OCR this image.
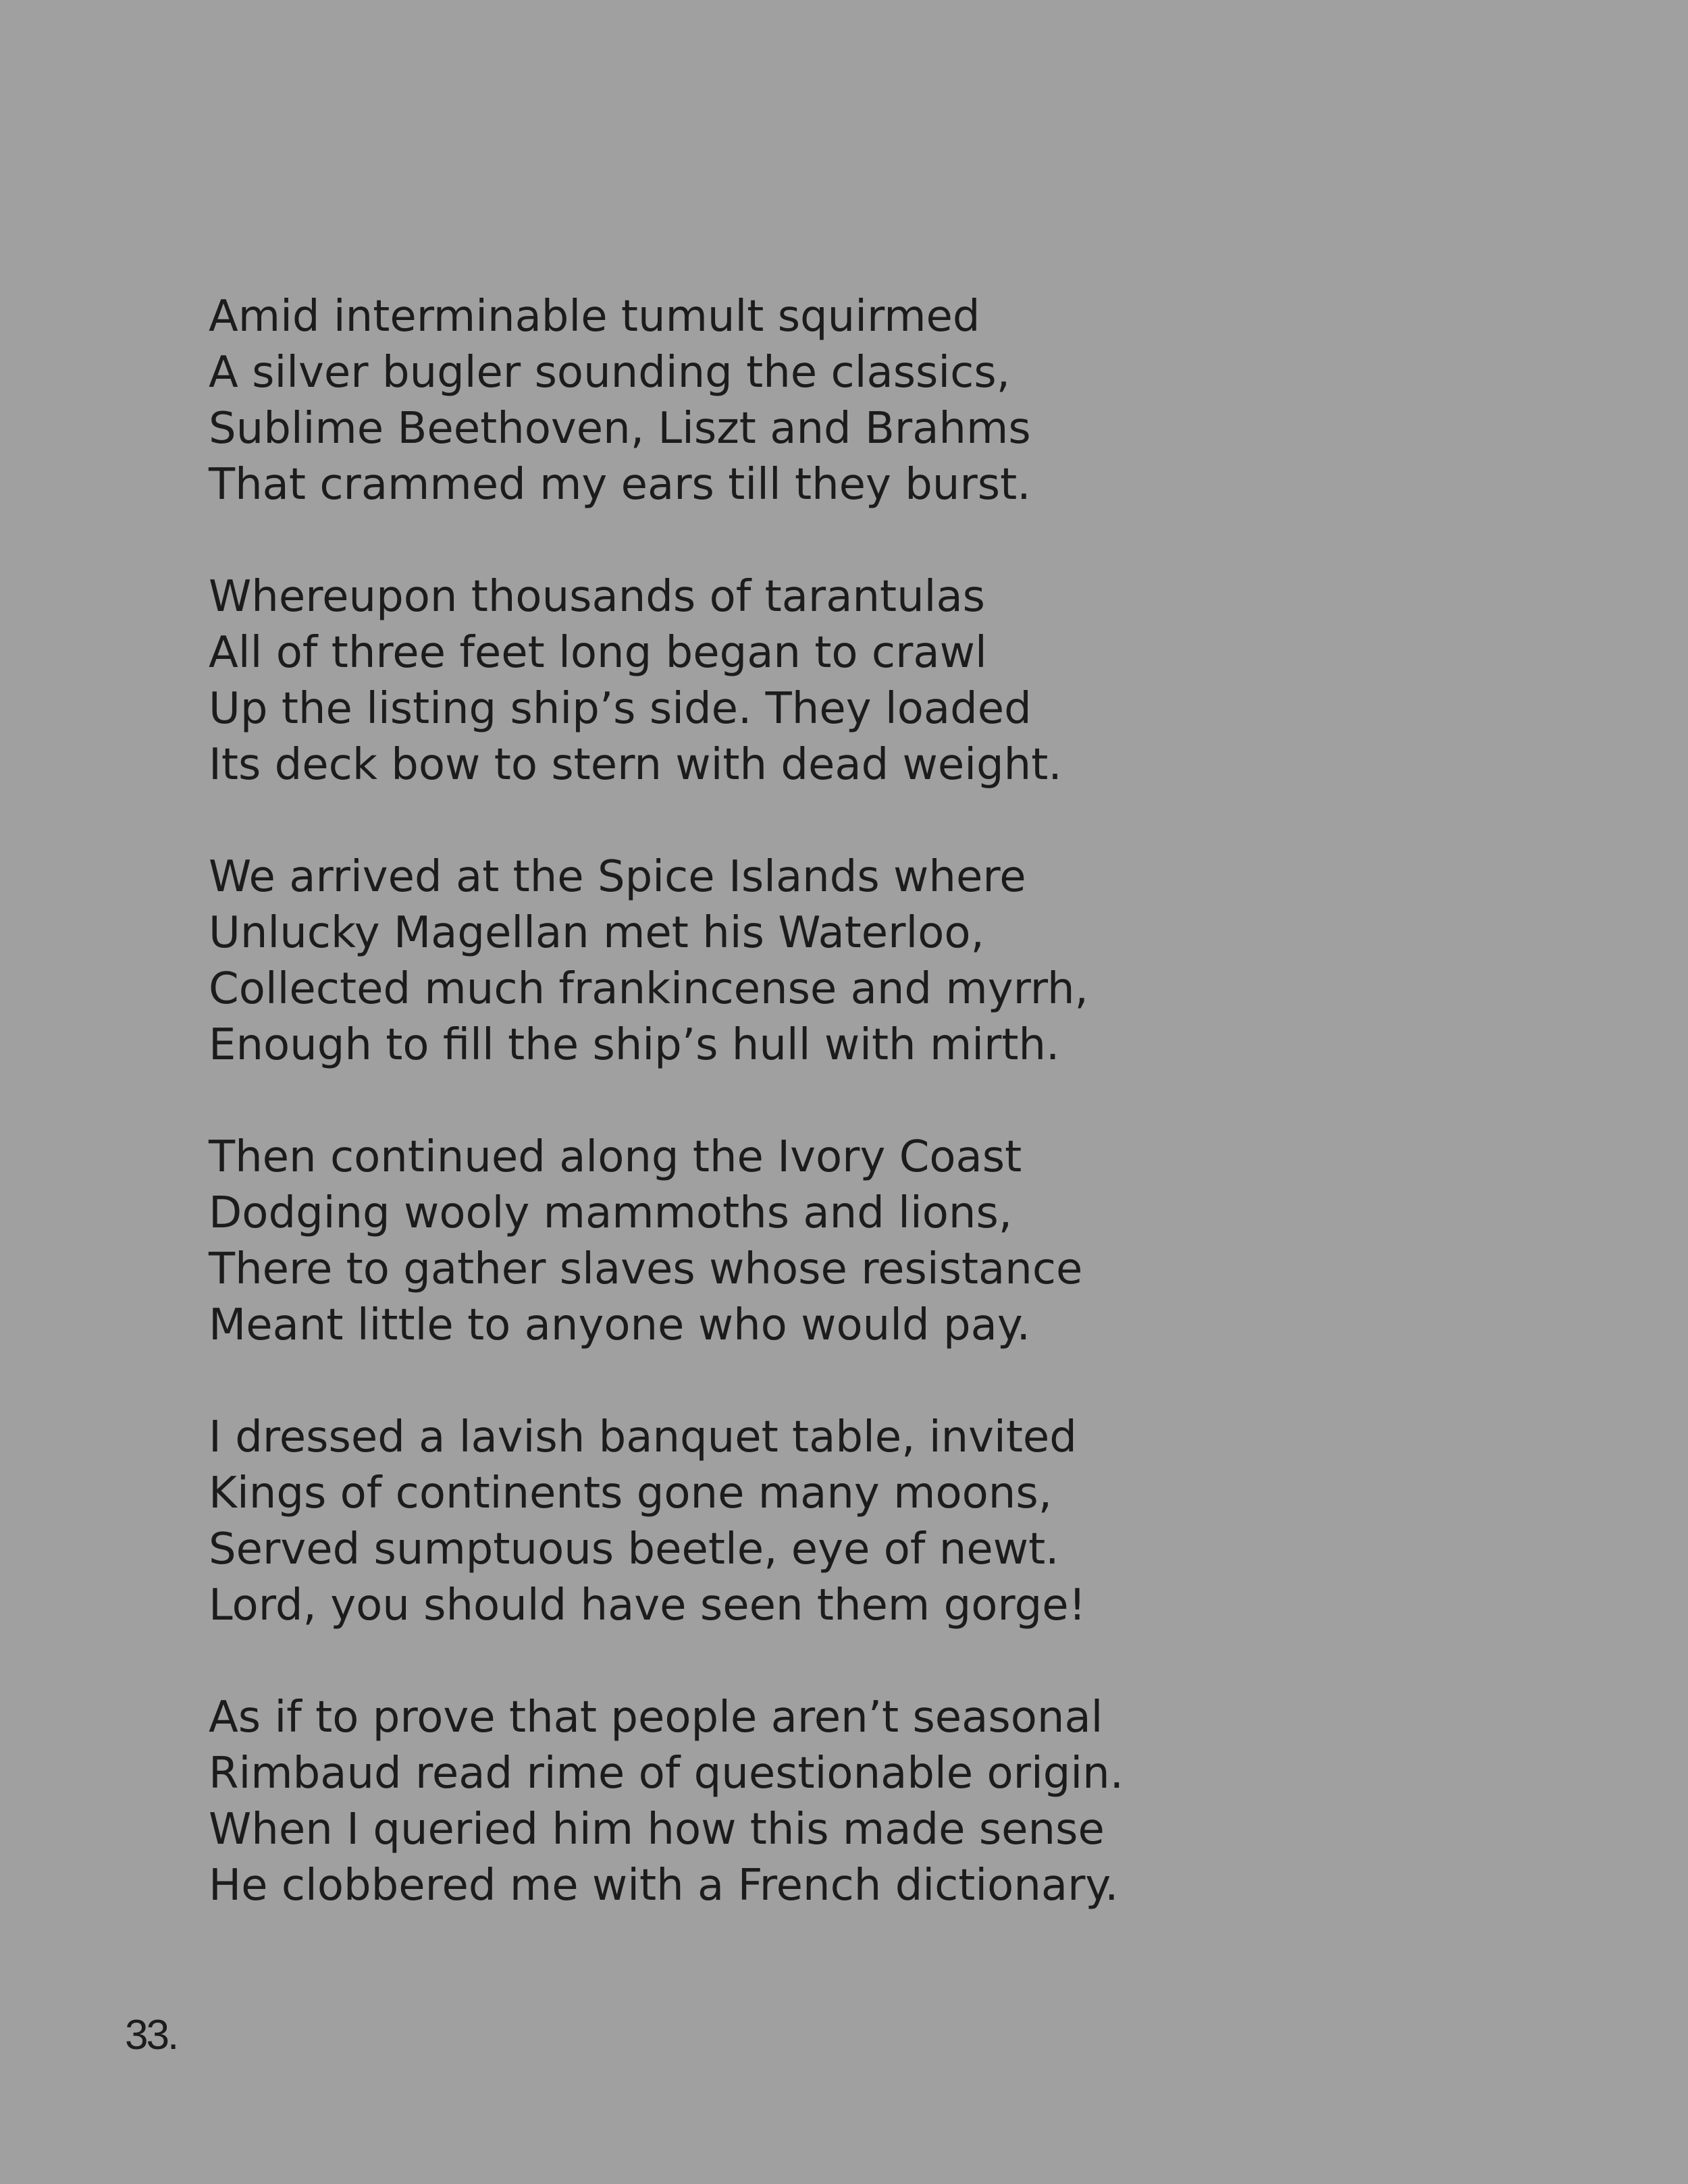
Amid interminable tumult squirmed
A silver bugler sounding the classics,
Sublime Beethoven, Liszt and Brahms
That crammed my ears till they burst.
Whereupon thousands of tarantulas
All of three feet long began to crawl
Up the listing ship’s side. They loaded
Its deck bow to stern with dead weight.
We arrived at the Spice Islands where
Unlucky Magellan met his Waterloo,
Collected much frankincense and myrrh,
Enough to fill the ship’s hull with mirth.
Then continued along the Ivory Coast
Dodging wooly mammoths and lions,
There to gather slaves whose resistance
Meant little to anyone who would pay.
I dressed a lavish banquet table, invited
Kings of continents gone many moons,
Served sumptuous beetle, eye of newt.
Lord, you should have seen them gorge!
As if to prove that people aren’t seasonal
Rimbaud read rime of questionable origin.
When I queried him how this made sense
He clobbered me with a French dictionary.
33.
